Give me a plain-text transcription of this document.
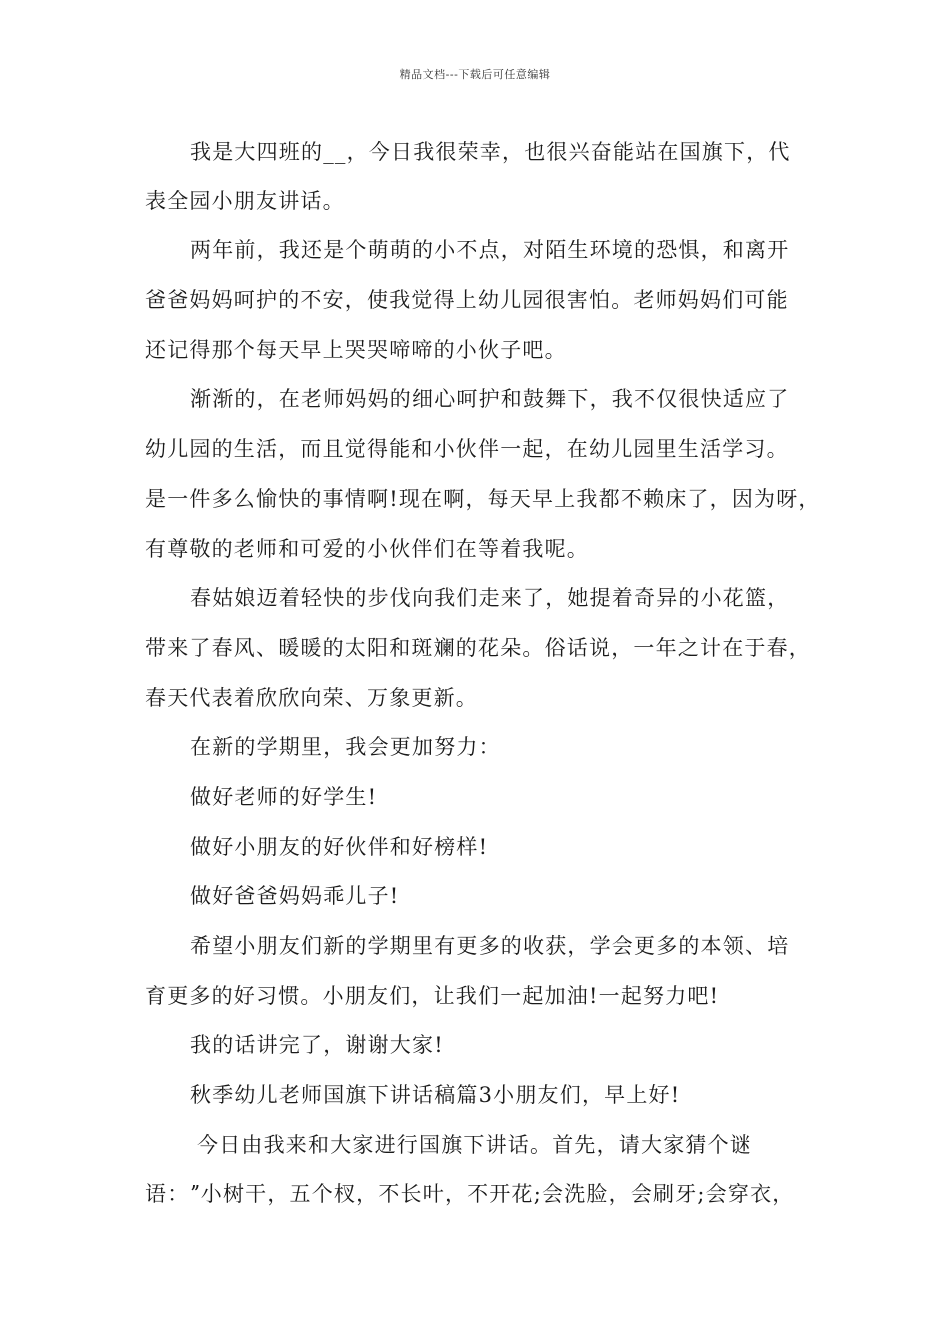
精品文档---下载后可任意编辑
我是大四班的__，今日我很荣幸，也很兴奋能站在国旗下，代
表全园小朋友讲话。
两年前，我还是个萌萌的小不点，对陌生环境的恐惧，和离开
爸爸妈妈呵护的不安，使我觉得上幼儿园很害怕。老师妈妈们可能
还记得那个每天早上哭哭啼啼的小伙子吧。
渐渐的，在老师妈妈的细心呵护和鼓舞下，我不仅很快适应了
幼儿园的生活，而且觉得能和小伙伴一起，在幼儿园里生活学习。
是一件多么愉快的事情啊!现在啊，每天早上我都不赖床了，因为呀，
有尊敬的老师和可爱的小伙伴们在等着我呢。
春姑娘迈着轻快的步伐向我们走来了，她提着奇异的小花篮，
带来了春风、暖暖的太阳和斑斓的花朵。俗话说，一年之计在于春，
春天代表着欣欣向荣、万象更新。
在新的学期里，我会更加努力：
做好老师的好学生!
做好小朋友的好伙伴和好榜样!
做好爸爸妈妈乖儿子!
希望小朋友们新的学期里有更多的收获，学会更多的本领、培
育更多的好习惯。小朋友们，让我们一起加油!一起努力吧!
我的话讲完了，谢谢大家!
秋季幼儿老师国旗下讲话稿篇3小朋友们，早上好!
今日由我来和大家进行国旗下讲话。首先，请大家猜个谜
语：ˮ小树干，五个杈，不长叶，不开花;会洗脸，会刷牙;会穿衣，
